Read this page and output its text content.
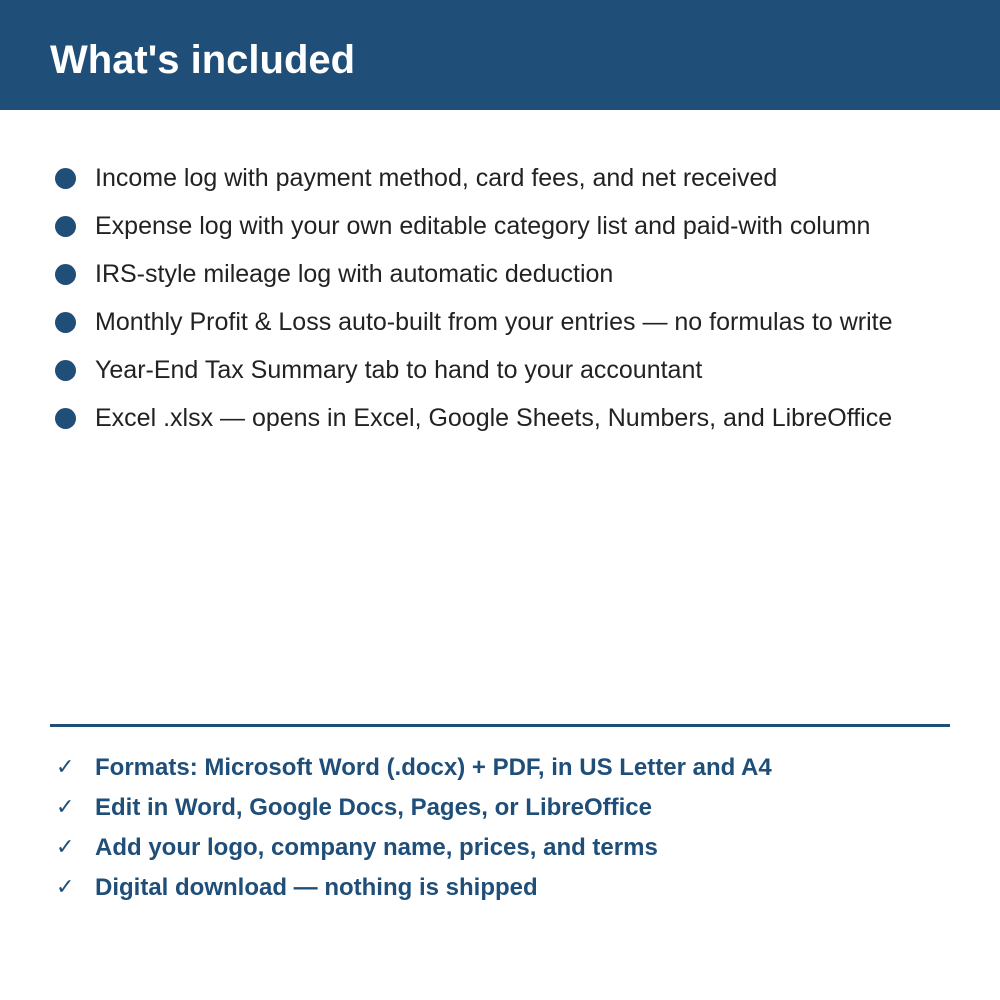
What's included
Income log with payment method, card fees, and net received
Expense log with your own editable category list and paid-with column
IRS-style mileage log with automatic deduction
Monthly Profit & Loss auto-built from your entries — no formulas to write
Year-End Tax Summary tab to hand to your accountant
Excel .xlsx — opens in Excel, Google Sheets, Numbers, and LibreOffice
✓ Formats: Microsoft Word (.docx) + PDF, in US Letter and A4
✓ Edit in Word, Google Docs, Pages, or LibreOffice
✓ Add your logo, company name, prices, and terms
✓ Digital download — nothing is shipped
